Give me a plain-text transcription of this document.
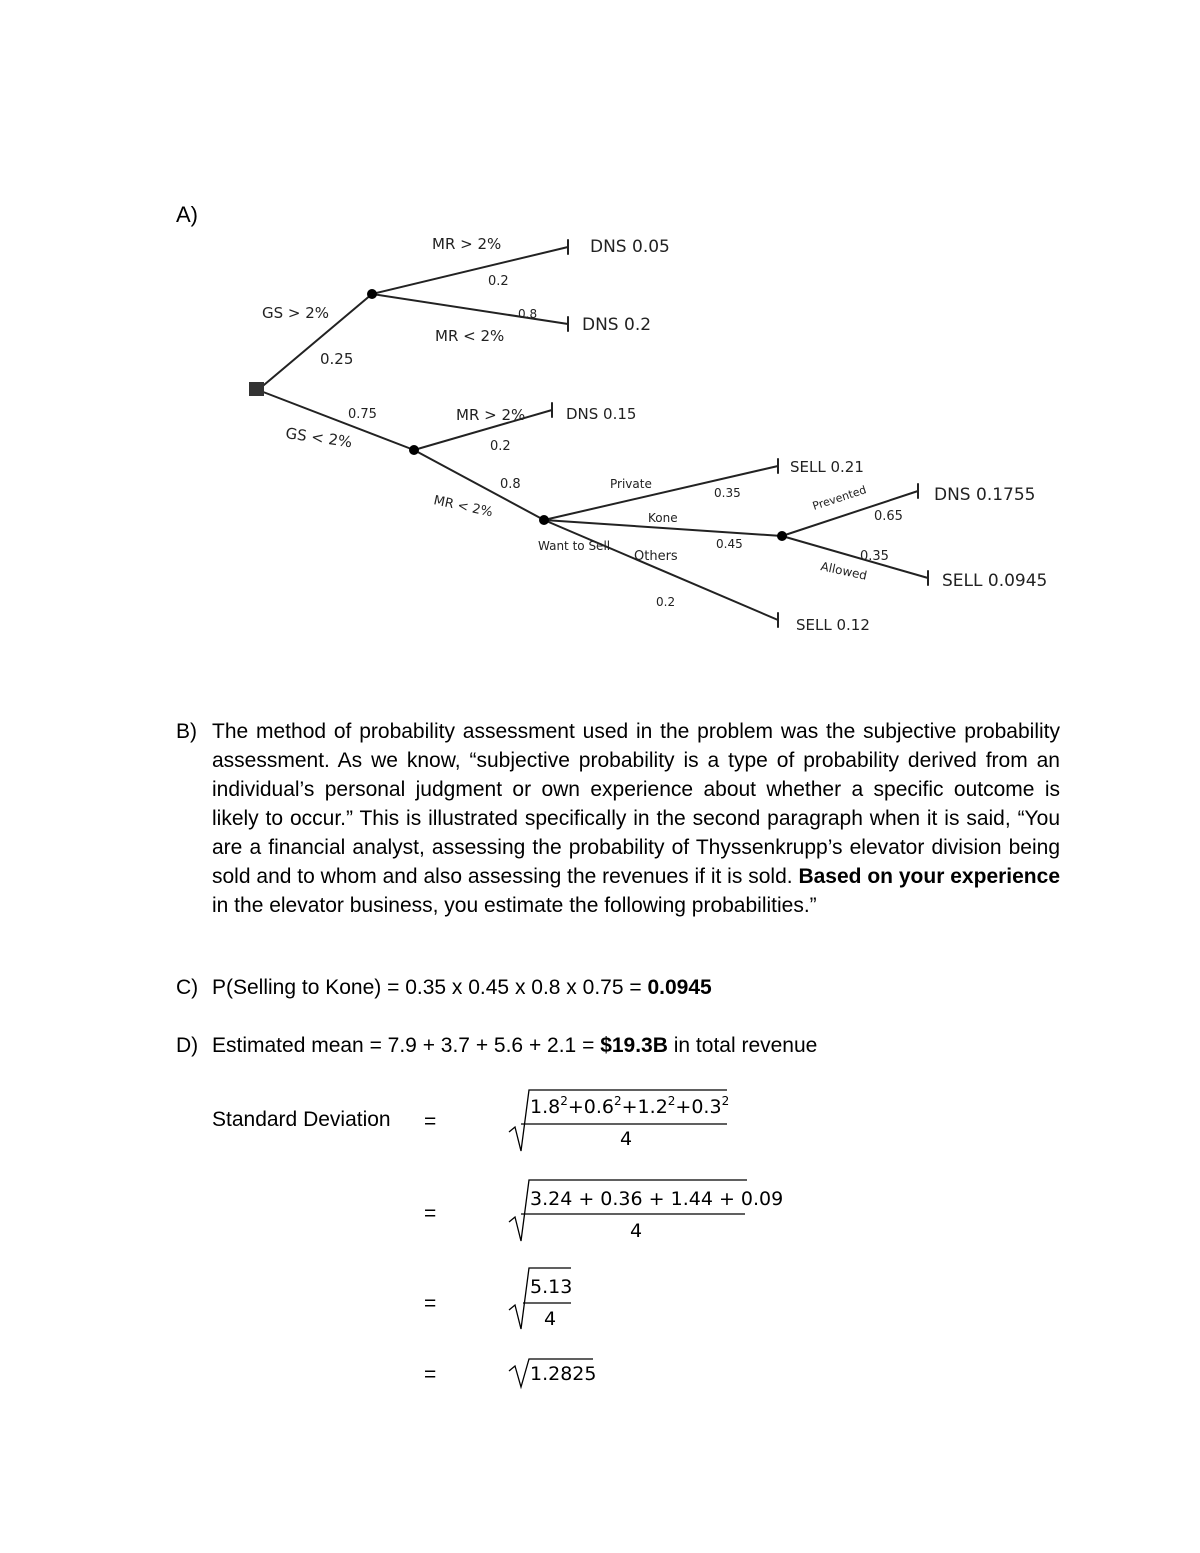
A)
MR > 2%
0.2
DNS 0.05
0.8
DNS 0.2
MR < 2%
GS > 2%
0.25
0.75
GS < 2%
MR > 2%
0.2
DNS 0.15
0.8
MR < 2%
Private
0.35
SELL 0.21
Kone
0.45
Want to Sell
Others
0.2
SELL 0.12
Prevented
0.65
DNS 0.1755
0.35
Allowed	SELL 0.0945
B) The method of probability assessment used in the problem was the subjective probability assessment. As we know, “subjective probability is a type of probability derived from an individual’s personal judgment or own experience about whether a specific outcome is likely to occur.” This is illustrated specifically in the second paragraph when it is said, “You are a financial analyst, assessing the probability of Thyssenkrupp’s elevator division being sold and to whom and also assessing the revenues if it is sold. Based on your experience in the elevator business, you estimate the following probabilities.”
C) P(Selling to Kone) = 0.35 x 0.45 x 0.8 x 0.75 = 0.0945
D) Estimated mean = 7.9 + 3.7 + 5.6 + 2.1 = $19.3B in total revenue
Standard Deviation =
=
=
=
$1.8^2+0.6^2+1.2^2+0.3^2$
4
3.24 + 0.36 + 1.44 + 0.09
4
5.13
4
1.2825
